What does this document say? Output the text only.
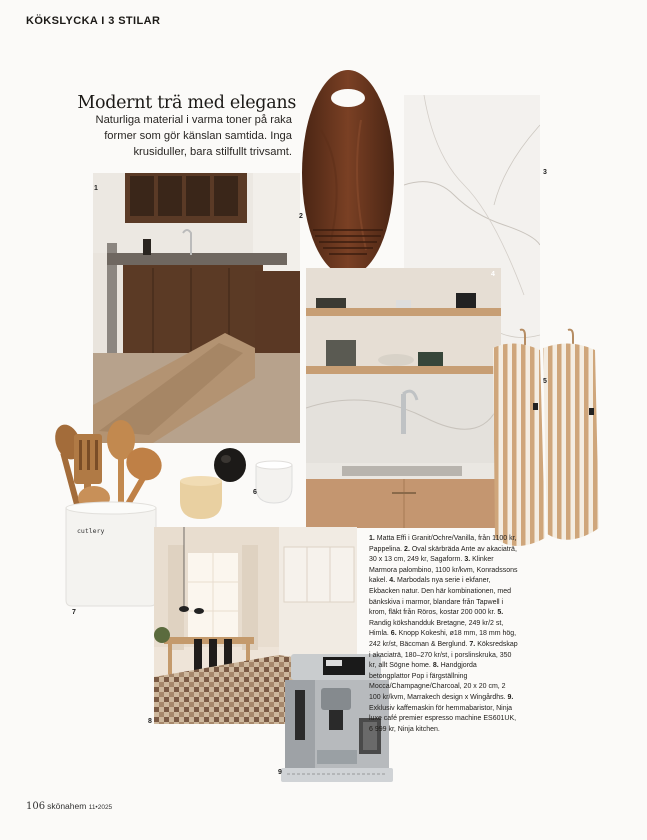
KÖKSLYCKA I 3 STILAR
Modernt trä med elegans
Naturliga material i varma toner på raka former som gör känslan samtida. Inga krusiduller, bara stilfullt trivsamt.
1
2
3
4
5
6
cutlery
7
8
9
1. Matta Effi i Granit/Ochre/Vanilla, från 1100 kr, Pappelina. 2. Oval skärbräda Ante av akaciaträ, 30 x 13 cm, 249 kr, Sagaform. 3. Klinker Marmora palombino, 1100 kr/kvm, Konradssons kakel. 4. Marbodals nya serie i ekfaner, Ekbacken natur. Den här kombinationen, med bänkskiva i marmor, blandare från Tapwell i krom, fläkt från Röros, kostar 200 000 kr. 5. Randig kökshandduk Bretagne, 249 kr/2 st, Himla. 6. Knopp Kokeshi, ø18 mm, 18 mm hög, 242 kr/st, Bäccman & Berglund. 7. Köksredskap i akaciaträ, 180–270 kr/st, i porslinskruka, 350 kr, allt Sögne home. 8. Handgjorda betongplattor Pop i färgställning Mocca/Champagne/Charcoal, 20 x 20 cm, 2 100 kr/kvm, Marrakech design x Wingårdhs. 9. Exklusiv kaffemaskin för hemmabaristor, Ninja luxe café premier espresso machine ES601UK, 6 999 kr, Ninja kitchen.
106 skönahem 11•2025
